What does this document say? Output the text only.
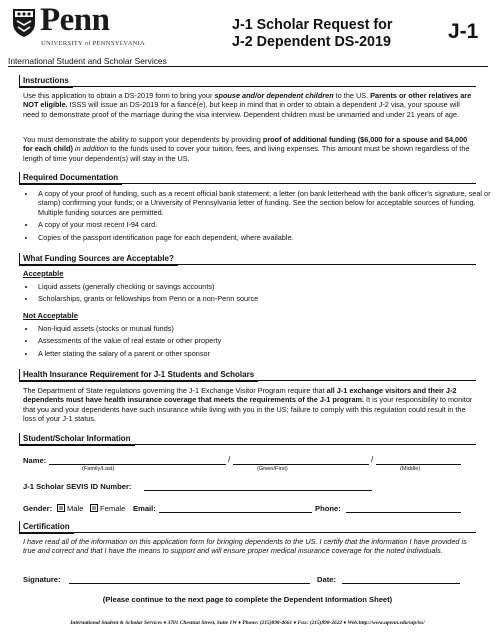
Penn
UNIVERSITY of PENNSYLVANIA
International Student and Scholar Services
J-1 Scholar Request for
J-2 Dependent DS-2019	J-1
Instructions
Use this application to obtain a DS-2019 form to bring your spouse and/or dependent children to the US. Parents or other relatives are NOT eligible. ISSS will issue an DS-2019 for a fiancé(e), but keep in mind that in order to obtain a dependent J-2 visa, your spouse will need to demonstrate proof of the marriage during the visa interview. Dependent children must be unmarried and under 21 years of age.
You must demonstrate the ability to support your dependents by providing proof of additional funding ($6,000 for a spouse and $4,000 for each child) in addition to the funds used to cover your tuition, fees, and living expenses. This amount must be shown regardless of the length of time your dependent(s) will stay in the US.
Required Documentation
• A copy of your proof of funding, such as a recent official bank statement; a letter (on bank letterhead with the bank officer’s signature, seal or stamp) confirming your funds; or a University of Pennsylvania letter of funding. See the section below for acceptable sources of funding. Multiple funding sources are permitted.
• A copy of your most recent I-94 card.
• Copies of the passport identification page for each dependent, where available.
What Funding Sources are Acceptable?
Acceptable
• Liquid assets (generally checking or savings accounts)
• Scholarships, grants or fellowships from Penn or a non-Penn source
Not Acceptable
• Non-liquid assets (stocks or mutual funds)
• Assessments of the value of real estate or other property
• A letter stating the salary of a parent or other sponsor
Health Insurance Requirement for J-1 Students and Scholars
The Department of State regulations governing the J-1 Exchange Visitor Program require that all J-1 exchange visitors and their J-2 dependents must have health insurance coverage that meets the requirements of the J-1 program. It is your responsibility to monitor that you and your dependents have such insurance while living with you in the US; failure to comply with this regulation could result in the loss of your J-1 status.
Student/Scholar Information
Name:	/	/
(Family/Last)	(Given/First)	(Middle)
J-1 Scholar SEVIS ID Number:
Gender: Male Female Email:	Phone:
Certification
I have read all of the information on this application form for bringing dependents to the US. I certify that the information I have provided is true and correct and that I have the means to support and will ensure proper medical insurance coverage for the noted individuals.
Signature:	Date:
(Please continue to the next page to complete the Dependent Information Sheet)
International Student & Scholar Services ♦ 3701 Chestnut Street, Suite 1W ♦ Phone: (215)898-4661 ♦ Fax: (215)898-2622 ♦ Web:http://www.upenn.edu/oip/iss/
